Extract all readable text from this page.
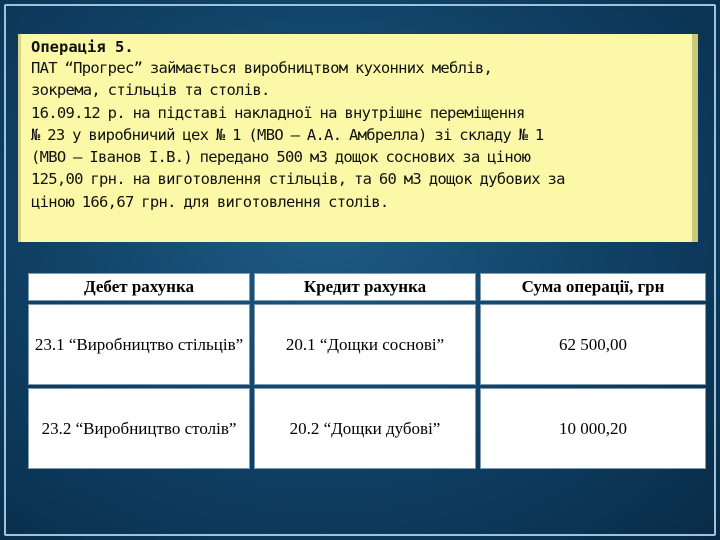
Операція 5.

ПАТ “Прогрес” займається виробництвом кухонних меблів,
зокрема, стільців та столів.
16.09.12 р. на підставі накладної на внутрішнє переміщення
№ 23 у виробничий цех № 1 (МВО – А.А. Амбрелла) зі складу № 1
(МВО – Іванов І.В.) передано 500 м3 дощок соснових за ціною
125,00 грн. на виготовлення стільців, та 60 м3 дощок дубових за
ціною 166,67 грн. для виготовлення столів.

Дебет рахунка	Кредит рахунка	Сума операції, грн
23.1 “Виробництво стільців”	20.1 “Дощки соснові”	62 500,00
23.2 “Виробництво столів”	20.2 “Дощки дубові”	10 000,20
